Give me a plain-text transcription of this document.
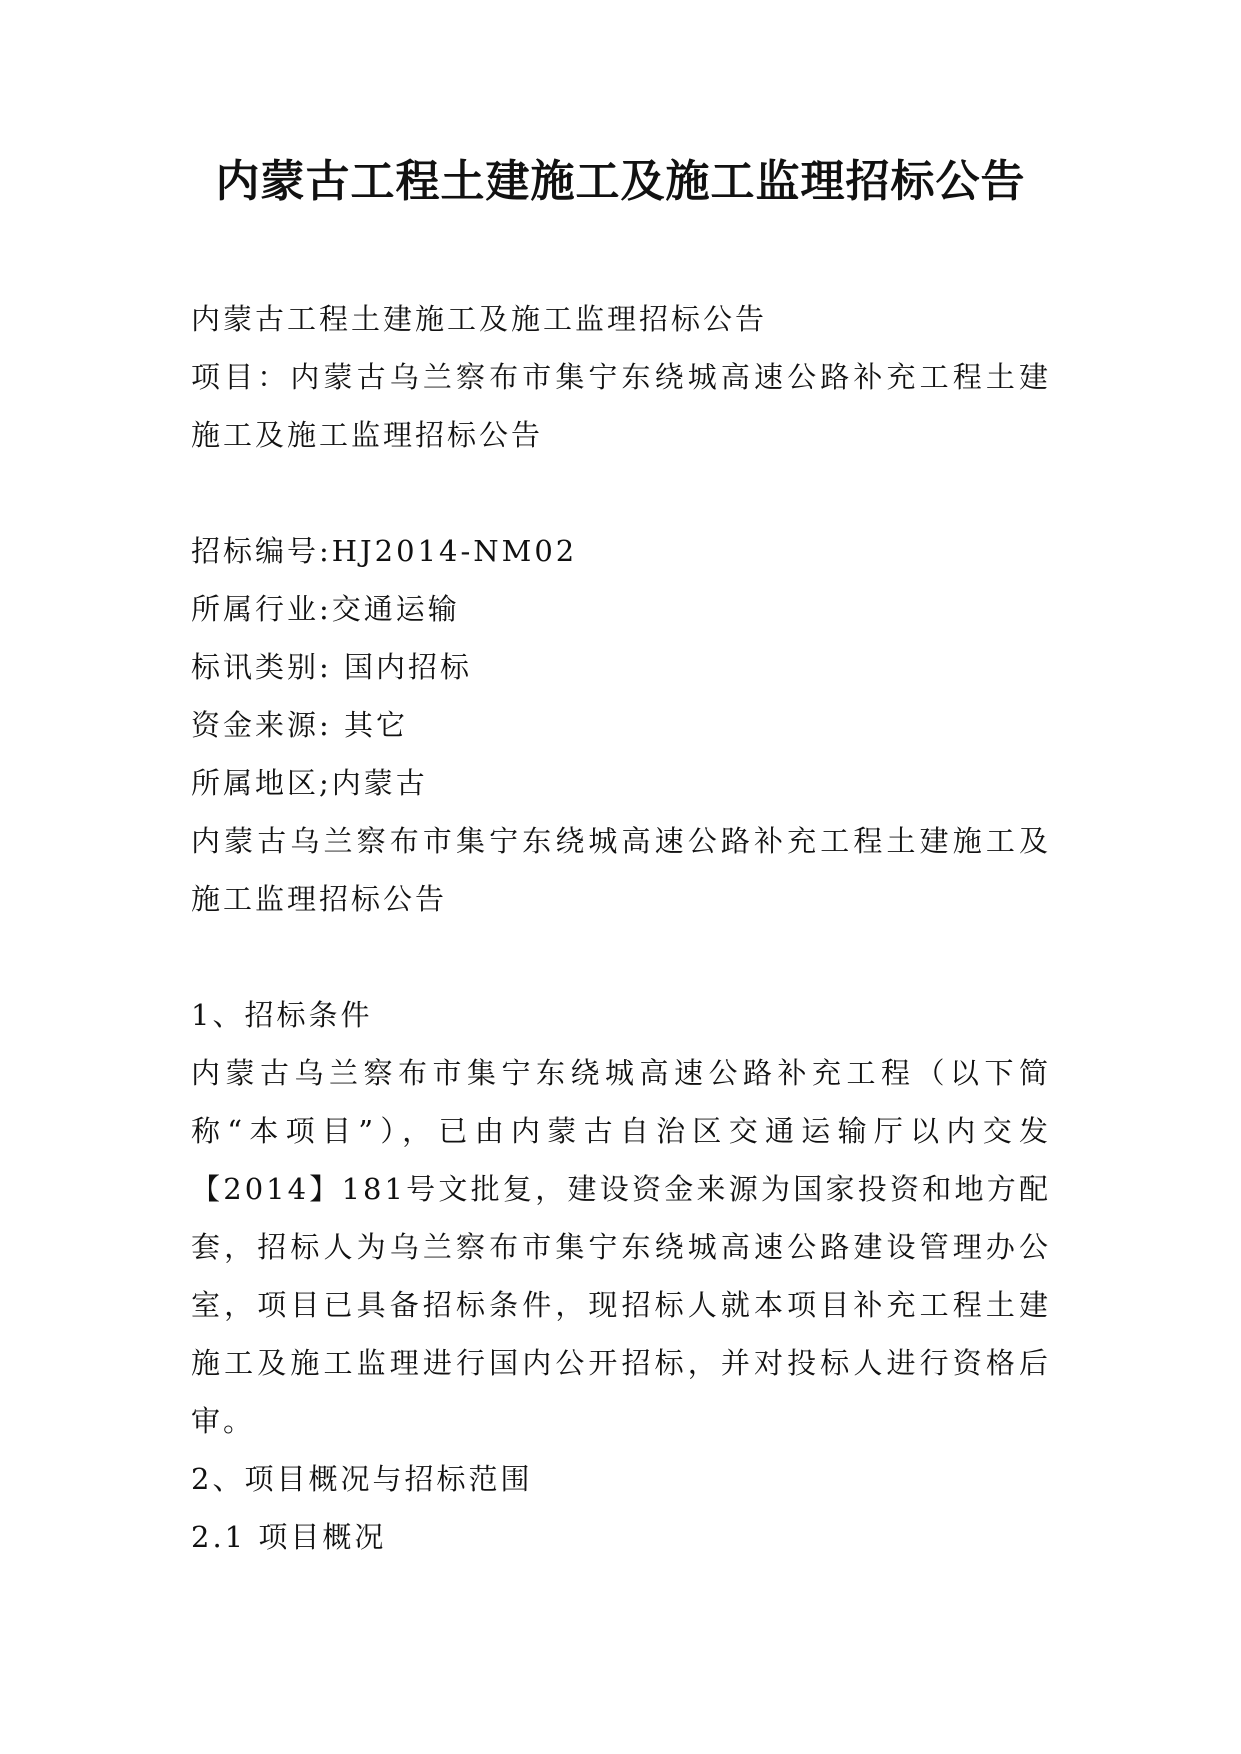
内蒙古工程土建施工及施工监理招标公告

内蒙古工程土建施工及施工监理招标公告

项目：内蒙古乌兰察布市集宁东绕城高速公路补充工程土建施工及施工监理招标公告

招标编号:HJ2014-NM02

所属行业:交通运输

标讯类别: 国内招标

资金来源: 其它

所属地区;内蒙古

内蒙古乌兰察布市集宁东绕城高速公路补充工程土建施工及施工监理招标公告

1、招标条件

内蒙古乌兰察布市集宁东绕城高速公路补充工程（以下简称“本项目”），已由内蒙古自治区交通运输厅以内交发【2014】181号文批复，建设资金来源为国家投资和地方配套，招标人为乌兰察布市集宁东绕城高速公路建设管理办公室，项目已具备招标条件，现招标人就本项目补充工程土建施工及施工监理进行国内公开招标，并对投标人进行资格后审。

2、项目概况与招标范围

2.1 项目概况
